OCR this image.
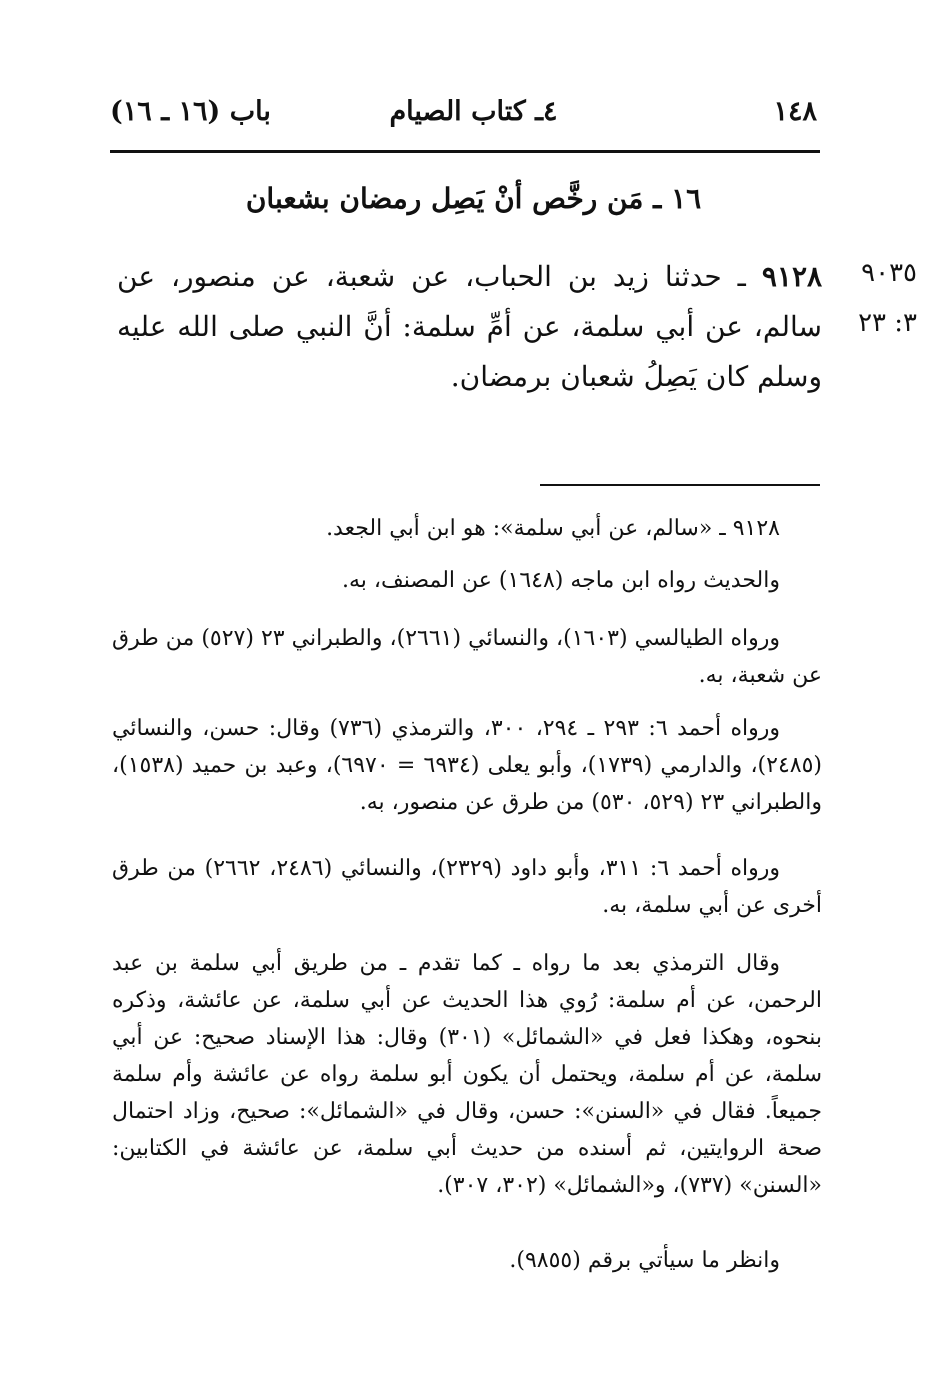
١٤٨
٤ـ كتاب الصيام
باب (١٦ ـ ١٦)
١٦ ـ مَن رخَّص أنْ يَصِل رمضان بشعبان
٩٠٣٥
٣: ٢٣
٩١٢٨ ـ حدثنا زيد بن الحباب، عن شعبة، عن منصور، عن سالم، عن أبي سلمة، عن أمِّ سلمة: أنَّ النبي صلى الله عليه وسلم كان يَصِلُ شعبان برمضان.

٩١٢٨ ـ «سالم، عن أبي سلمة»: هو ابن أبي الجعد.

والحديث رواه ابن ماجه (١٦٤٨) عن المصنف، به.

ورواه الطيالسي (١٦٠٣)، والنسائي (٢٦٦١)، والطبراني ٢٣ (٥٢٧) من طرق عن شعبة، به.

ورواه أحمد ٦: ٢٩٣ ـ ٢٩٤، ٣٠٠، والترمذي (٧٣٦) وقال: حسن، والنسائي (٢٤٨٥)، والدارمي (١٧٣٩)، وأبو يعلى (٦٩٣٤ = ٦٩٧٠)، وعبد بن حميد (١٥٣٨)، والطبراني ٢٣ (٥٢٩، ٥٣٠) من طرق عن منصور، به.

ورواه أحمد ٦: ٣١١، وأبو داود (٢٣٢٩)، والنسائي (٢٤٨٦، ٢٦٦٢) من طرق أخرى عن أبي سلمة، به.

وقال الترمذي بعد ما رواه ـ كما تقدم ـ من طريق أبي سلمة بن عبد الرحمن، عن أم سلمة: رُوي هذا الحديث عن أبي سلمة، عن عائشة، وذكره بنحوه، وهكذا فعل في «الشمائل» (٣٠١) وقال: هذا الإسناد صحيح: عن أبي سلمة، عن أم سلمة، ويحتمل أن يكون أبو سلمة رواه عن عائشة وأم سلمة جميعاً. فقال في «السنن»: حسن، وقال في «الشمائل»: صحيح، وزاد احتمال صحة الروايتين، ثم أسنده من حديث أبي سلمة، عن عائشة في الكتابين: «السنن» (٧٣٧)، و«الشمائل» (٣٠٢، ٣٠٧).

وانظر ما سيأتي برقم (٩٨٥٥).
